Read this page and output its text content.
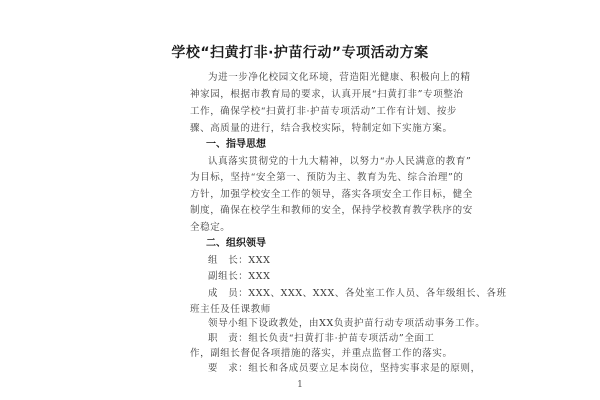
学校“扫黄打非·护苗行动”专项活动方案
为进一步净化校园文化环境，营造阳光健康、积极向上的精
神家园，根据市教育局的要求，认真开展“扫黄打非”专项整治
工作，确保学校“扫黄打非·护苗专项活动”工作有计划、按步
骤、高质量的进行，结合我校实际，特制定如下实施方案。
一、指导思想
认真落实贯彻党的十九大精神，以努力“办人民满意的教育”
为目标，坚持“安全第一、预防为主、教育为先、综合治理”的
方针，加强学校安全工作的领导，落实各项安全工作目标，健全
制度，确保在校学生和教师的安全，保持学校教育教学秩序的安
全稳定。
二、组织领导
组　长：XXX
副组长：XXX
成　员：XXX、XXX、XXX、各处室工作人员、各年级组长、各班
班主任及任课教师
领导小组下设政教处，由XX负责护苗行动专项活动事务工作。
职　责：组长负责“扫黄打非·护苗专项活动”全面工
作，副组长督促各项措施的落实，并重点监督工作的落实。
1
要　求：组长和各成员要立足本岗位，坚持实事求是的原则，
